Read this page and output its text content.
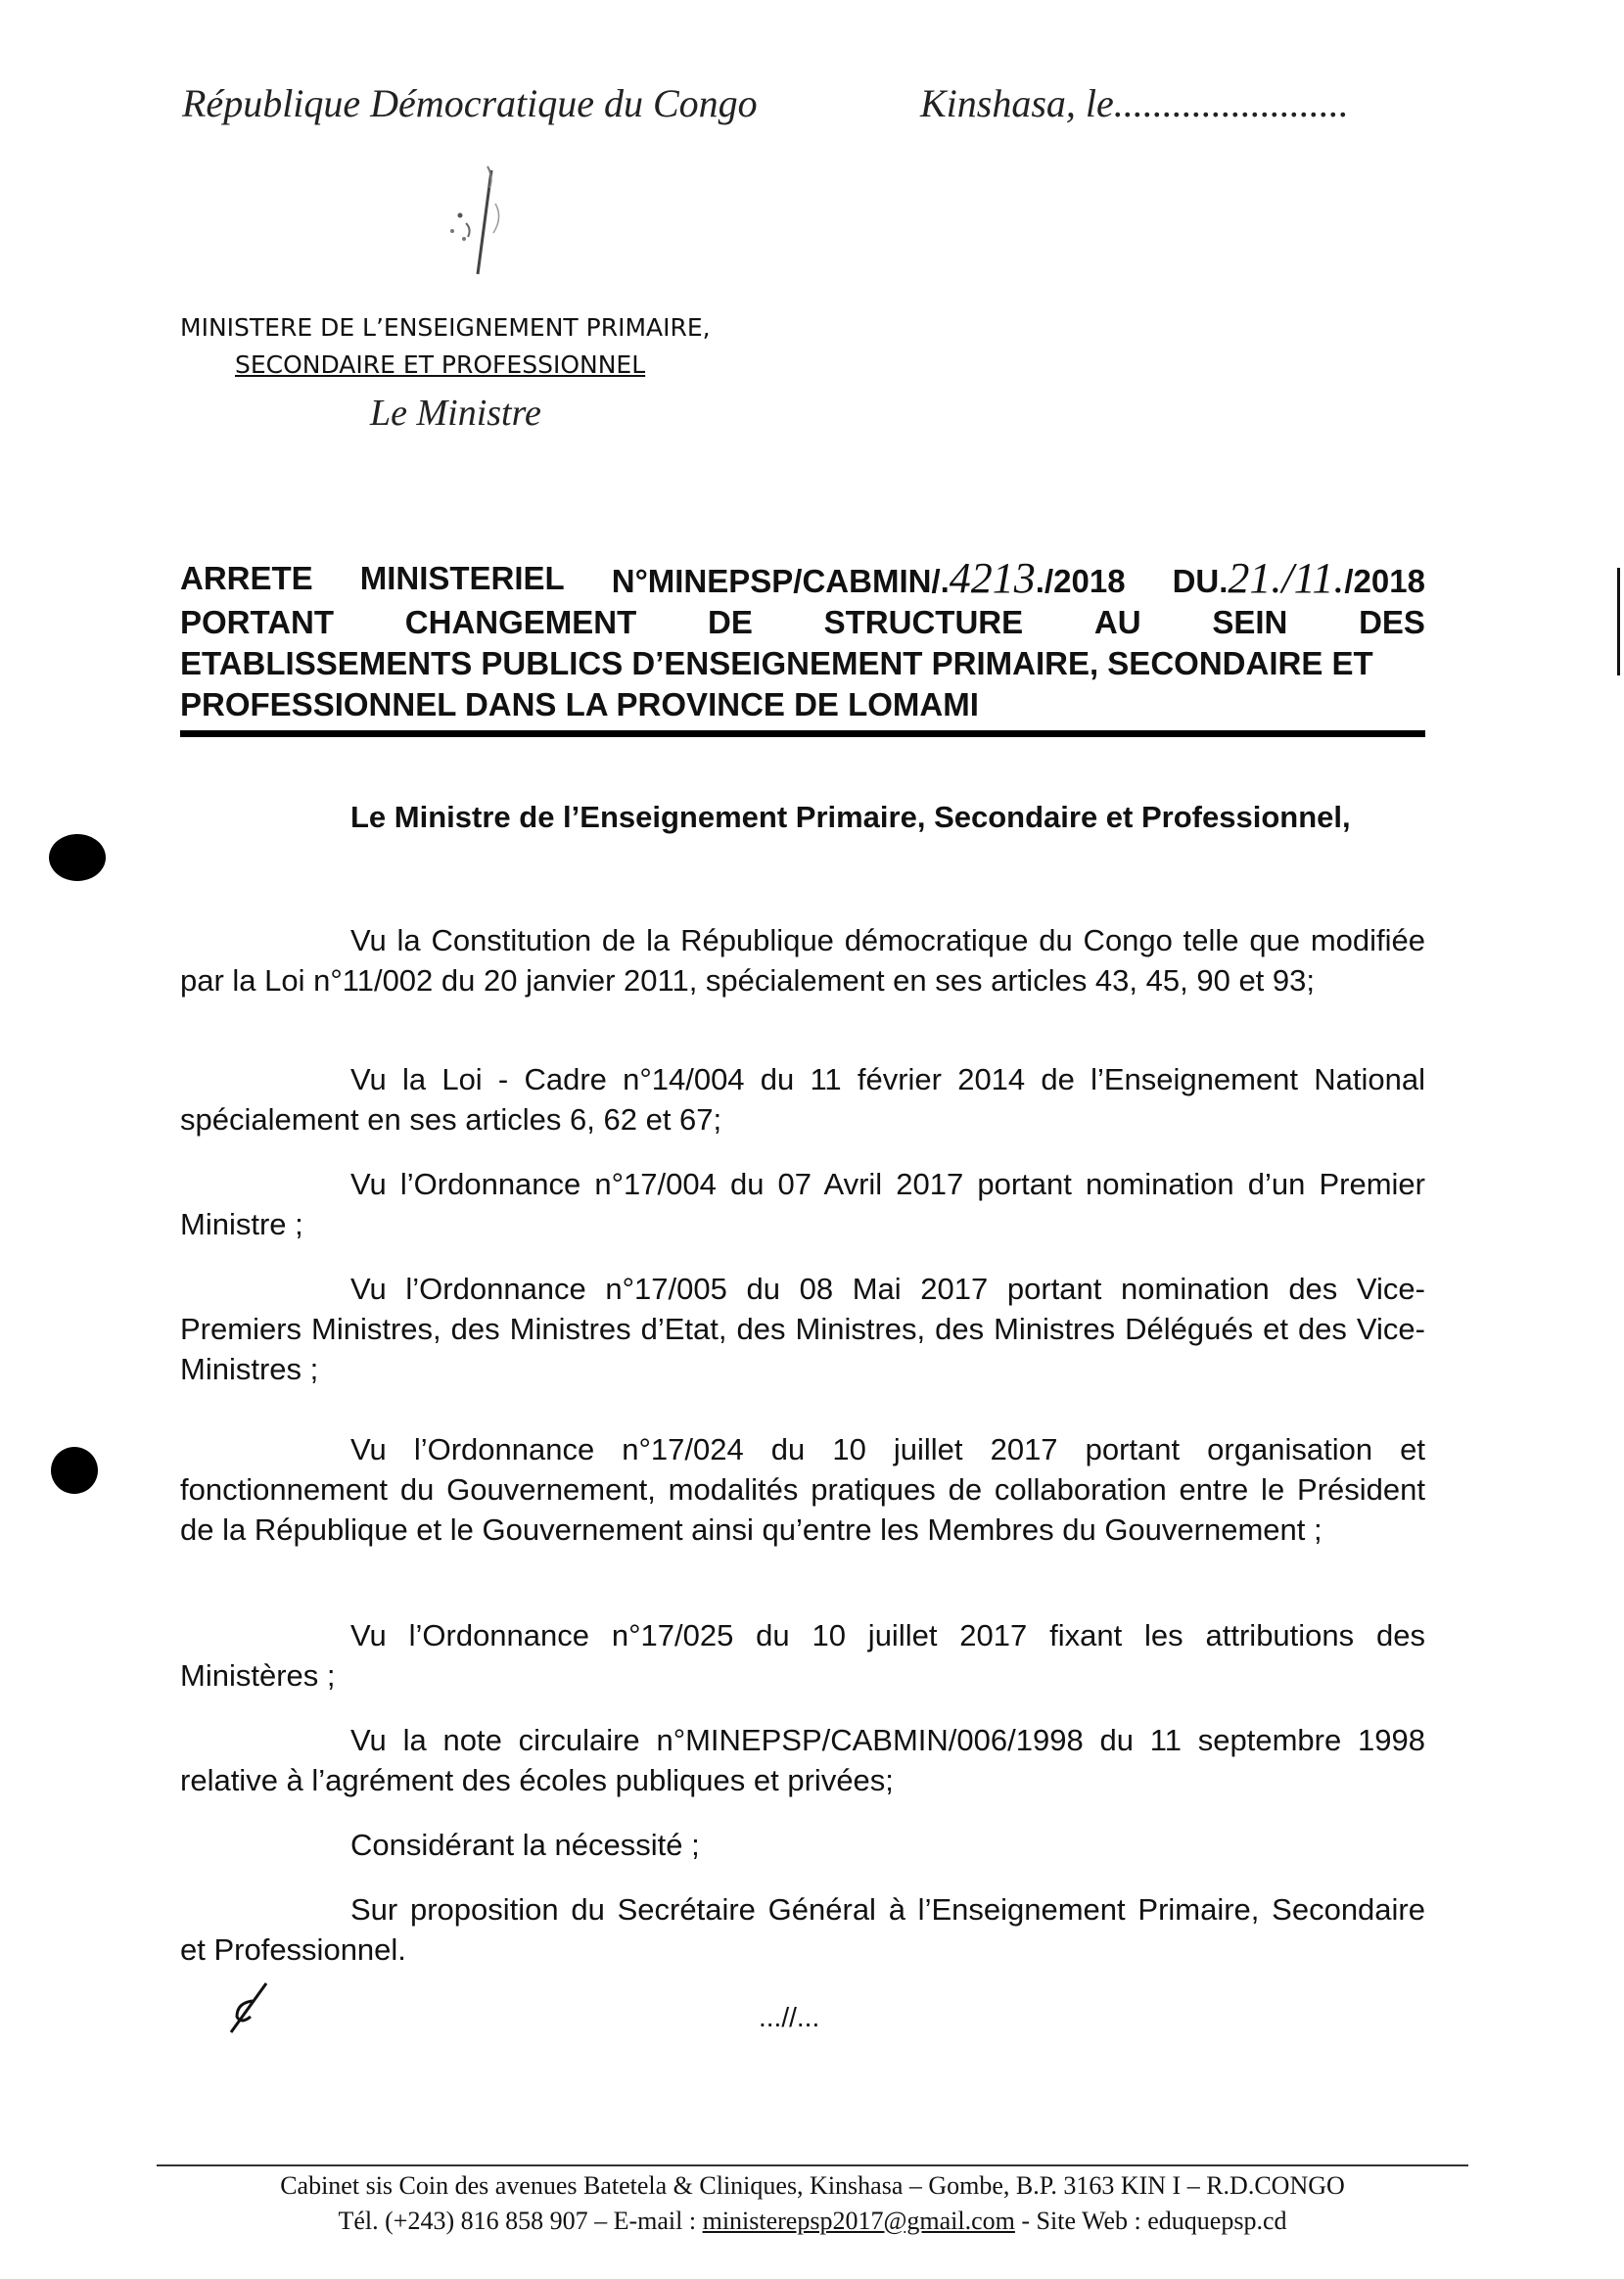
République Démocratique du Congo	Kinshasa, le........................
MINISTERE DE L’ENSEIGNEMENT PRIMAIRE,
SECONDAIRE ET PROFESSIONNEL
Le Ministre
ARRETE MINISTERIEL N°MINEPSP/CABMIN/.4213./2018 DU.21./11./2018
PORTANT CHANGEMENT DE STRUCTURE AU SEIN DES
ETABLISSEMENTS PUBLICS D’ENSEIGNEMENT PRIMAIRE, SECONDAIRE ET
PROFESSIONNEL DANS LA PROVINCE DE LOMAMI
Le Ministre de l’Enseignement Primaire, Secondaire et Professionnel,
Vu la Constitution de la République démocratique du Congo telle que modifiée par la Loi n°11/002 du 20 janvier 2011, spécialement en ses articles 43, 45, 90 et 93;
Vu la Loi - Cadre n°14/004 du 11 février 2014 de l’Enseignement National spécialement en ses articles 6, 62 et 67;
Vu l’Ordonnance n°17/004 du 07 Avril 2017 portant nomination d’un Premier Ministre ;
Vu l’Ordonnance n°17/005 du 08 Mai 2017 portant nomination des Vice-Premiers Ministres, des Ministres d’Etat, des Ministres, des Ministres Délégués et des Vice-Ministres ;
Vu l’Ordonnance n°17/024 du 10 juillet 2017 portant organisation et fonctionnement du Gouvernement, modalités pratiques de collaboration entre le Président de la République et le Gouvernement ainsi qu’entre les Membres du Gouvernement ;
Vu l’Ordonnance n°17/025 du 10 juillet 2017 fixant les attributions des Ministères ;
Vu la note circulaire n°MINEPSP/CABMIN/006/1998 du 11 septembre 1998 relative à l’agrément des écoles publiques et privées;
Considérant la nécessité ;
Sur proposition du Secrétaire Général à l’Enseignement Primaire, Secondaire et Professionnel.
...//...
Cabinet sis Coin des avenues Batetela & Cliniques, Kinshasa – Gombe, B.P. 3163 KIN I – R.D.CONGO
Tél. (+243) 816 858 907 – E-mail : ministerepsp2017@gmail.com - Site Web : eduquepsp.cd
